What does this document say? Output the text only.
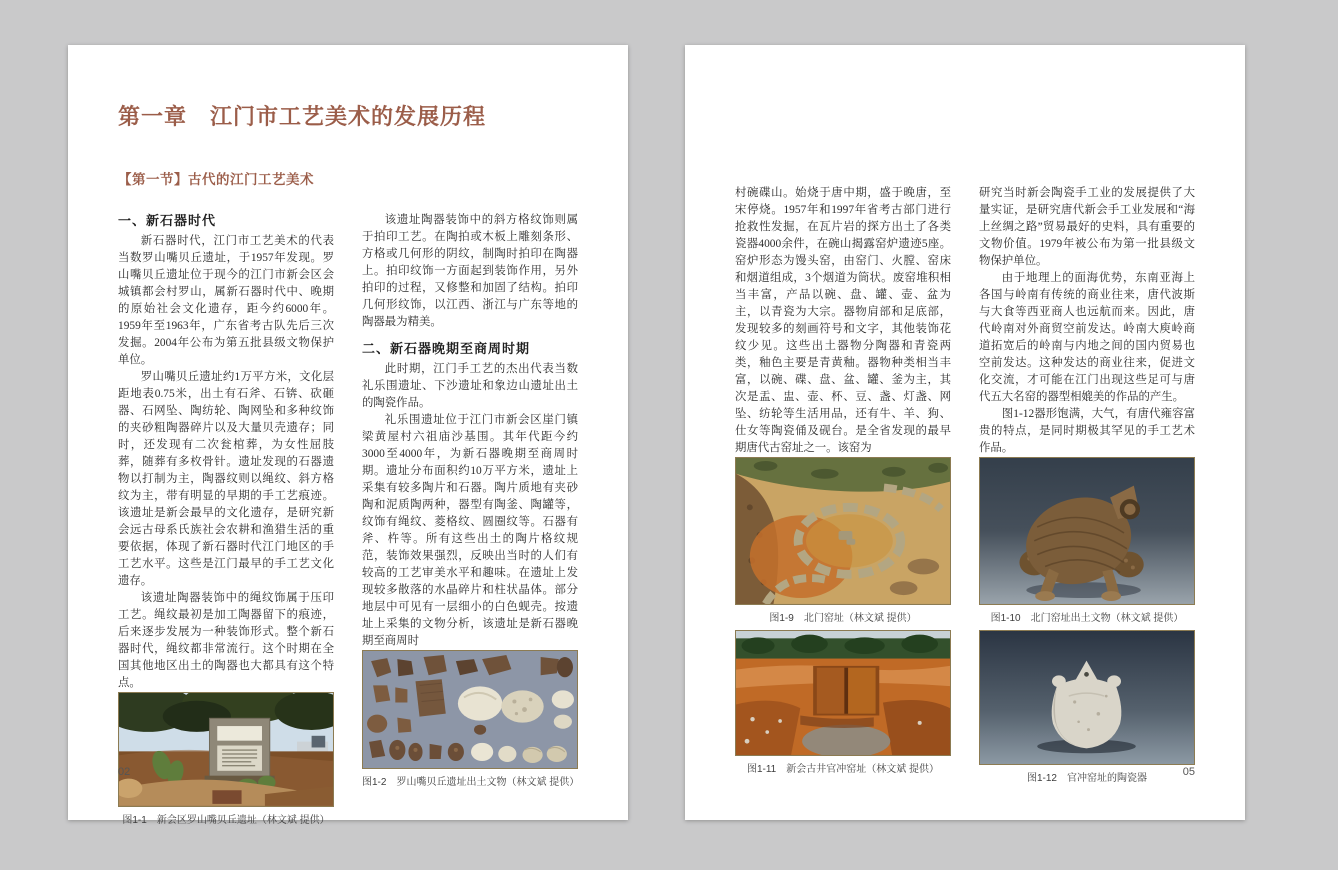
第一章　江门市工艺美术的发展历程
【第一节】古代的江门工艺美术
一、新石器时代

新石器时代，江门市工艺美术的代表当数罗山嘴贝丘遗址，于1957年发现。罗山嘴贝丘遗址位于现今的江门市新会区会城镇都会村罗山，属新石器时代中、晚期的原始社会文化遗存，距今约6000年。1959年至1963年，广东省考古队先后三次发掘。2004年公布为第五批县级文物保护单位。

罗山嘴贝丘遗址约1万平方米，文化层距地表0.75米，出土有石斧、石锛、砍砸器、石网坠、陶纺轮、陶网坠和多种纹饰的夹砂粗陶器碎片以及大量贝壳遗存；同时，还发现有二次瓮棺葬，为女性屈肢葬，随葬有多枚骨针。遗址发现的石器遗物以打制为主，陶器纹则以绳纹、斜方格纹为主，带有明显的早期的手工艺痕迹。该遗址是新会最早的文化遗存，是研究新会远古母系氏族社会农耕和渔猎生活的重要依据，体现了新石器时代江门地区的手工艺水平。这些是江门最早的手工艺文化遗存。

该遗址陶器装饰中的绳纹饰属于压印工艺。绳纹最初是加工陶器留下的痕迹，后来逐步发展为一种装饰形式。整个新石器时代，绳纹都非常流行。这个时期在全国其他地区出土的陶器也大都具有这个特点。

图1-1　新会区罗山嘴贝丘遗址（林文斌 提供）

该遗址陶器装饰中的斜方格纹饰则属于拍印工艺。在陶拍或木板上雕刻条形、方格或几何形的阴纹，制陶时拍印在陶器上。拍印纹饰一方面起到装饰作用，另外拍印的过程，又修整和加固了结构。拍印几何形纹饰，以江西、浙江与广东等地的陶器最为精美。

二、新石器晚期至商周时期

此时期，江门手工艺的杰出代表当数礼乐围遗址、下沙遗址和象边山遗址出土的陶瓷作品。

礼乐围遗址位于江门市新会区崖门镇梁黄屋村六祖庙沙基围。其年代距今约3000至4000年，为新石器晚期至商周时期。遗址分布面积约10万平方米，遗址上采集有较多陶片和石器。陶片质地有夹砂陶和泥质陶两种，器型有陶釜、陶罐等，纹饰有绳纹、菱格纹、圆圈纹等。石器有斧、杵等。所有这些出土的陶片格纹规范，装饰效果强烈，反映出当时的人们有较高的工艺审美水平和趣味。在遗址上发现较多散落的水晶碎片和柱状晶体。部分地层中可见有一层细小的白色蚬壳。按遗址上采集的文物分析，该遗址是新石器晚期至商周时

图1-2　罗山嘴贝丘遗址出土文物（林文斌 提供）
02

村碗碟山。始烧于唐中期，盛于晚唐，至宋停烧。1957年和1997年省考古部门进行抢救性发掘，在瓦片岩的探方出土了各类瓷器4000余件，在碗山揭露窑炉遗迹5座。窑炉形态为馒头窑，由窑门、火膛、窑床和烟道组成，3个烟道为筒状。废窑堆积相当丰富，产品以碗、盘、罐、壶、盆为主，以青瓷为大宗。器物肩部和足底部，发现较多的刻画符号和文字，其他装饰花纹少见。这些出土器物分陶器和青瓷两类，釉色主要是青黄釉。器物种类相当丰富，以碗、碟、盘、盆、罐、釜为主，其次是盂、盅、壶、杯、豆、盏、灯盏、网坠、纺轮等生活用品，还有牛、羊、狗、仕女等陶瓷俑及砚台。是全省发现的最早期唐代古窑址之一。该窑为

图1-9　北门窑址（林文斌 提供）
图1-11　新会古井官冲窑址（林文斌 提供）

研究当时新会陶瓷手工业的发展提供了大量实证，是研究唐代新会手工业发展和“海上丝绸之路”贸易最好的史料，具有重要的文物价值。1979年被公布为第一批县级文物保护单位。

由于地理上的面海优势，东南亚海上各国与岭南有传统的商业往来，唐代波斯与大食等西亚商人也远航而来。因此，唐代岭南对外商贸空前发达。岭南大庾岭商道拓宽后的岭南与内地之间的国内贸易也空前发达。这种发达的商业往来，促进文化交流，才可能在江门出现这些足可与唐代五大名窑的器型相媲美的作品的产生。

图1-12器形饱满，大气，有唐代雍容富贵的特点，是同时期极其罕见的手工艺术作品。

图1-10　北门窑址出土文物（林文斌 提供）
图1-12　官冲窑址的陶瓷器
05
